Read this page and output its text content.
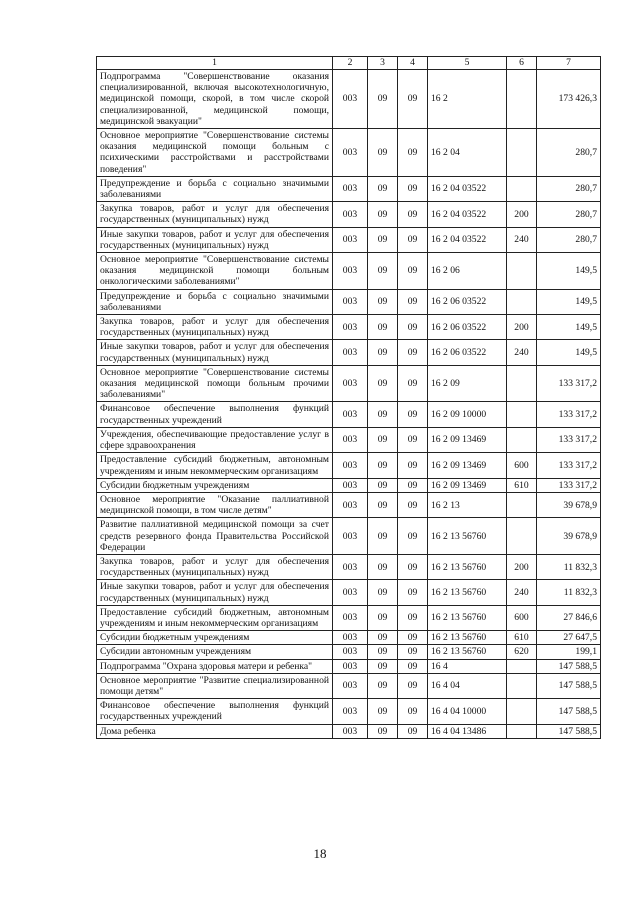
1	2	3	4	5	6	7
Подпрограмма "Совершенствование оказания специализированной, включая высокотехнологичную, медицинской помощи, скорой, в том числе скорой специализированной, медицинской помощи, медицинской эвакуации"	003	09	09	16 2		173 426,3
Основное мероприятие "Совершенствование системы оказания медицинской помощи больным с психическими расстройствами и расстройствами поведения"	003	09	09	16 2 04		280,7
Предупреждение и борьба с социально значимыми заболеваниями	003	09	09	16 2 04 03522		280,7
Закупка товаров, работ и услуг для обеспечения государственных (муниципальных) нужд	003	09	09	16 2 04 03522	200	280,7
Иные закупки товаров, работ и услуг для обеспечения государственных (муниципальных) нужд	003	09	09	16 2 04 03522	240	280,7
Основное мероприятие "Совершенствование системы оказания медицинской помощи больным онкологическими заболеваниями"	003	09	09	16 2 06		149,5
Предупреждение и борьба с социально значимыми заболеваниями	003	09	09	16 2 06 03522		149,5
Закупка товаров, работ и услуг для обеспечения государственных (муниципальных) нужд	003	09	09	16 2 06 03522	200	149,5
Иные закупки товаров, работ и услуг для обеспечения государственных (муниципальных) нужд	003	09	09	16 2 06 03522	240	149,5
Основное мероприятие "Совершенствование системы оказания медицинской помощи больным прочими заболеваниями"	003	09	09	16 2 09		133 317,2
Финансовое обеспечение выполнения функций государственных учреждений	003	09	09	16 2 09 10000		133 317,2
Учреждения, обеспечивающие предоставление услуг в сфере здравоохранения	003	09	09	16 2 09 13469		133 317,2
Предоставление субсидий бюджетным, автономным учреждениям и иным некоммерческим организациям	003	09	09	16 2 09 13469	600	133 317,2
Субсидии бюджетным учреждениям	003	09	09	16 2 09 13469	610	133 317,2
Основное мероприятие "Оказание паллиативной медицинской помощи, в том числе детям"	003	09	09	16 2 13		39 678,9
Развитие паллиативной медицинской помощи за счет средств резервного фонда Правительства Российской Федерации	003	09	09	16 2 13 56760		39 678,9
Закупка товаров, работ и услуг для обеспечения государственных (муниципальных) нужд	003	09	09	16 2 13 56760	200	11 832,3
Иные закупки товаров, работ и услуг для обеспечения государственных (муниципальных) нужд	003	09	09	16 2 13 56760	240	11 832,3
Предоставление субсидий бюджетным, автономным учреждениям и иным некоммерческим организациям	003	09	09	16 2 13 56760	600	27 846,6
Субсидии бюджетным учреждениям	003	09	09	16 2 13 56760	610	27 647,5
Субсидии автономным учреждениям	003	09	09	16 2 13 56760	620	199,1
Подпрограмма "Охрана здоровья матери и ребенка"	003	09	09	16 4		147 588,5
Основное мероприятие "Развитие специализированной помощи детям"	003	09	09	16 4 04		147 588,5
Финансовое обеспечение выполнения функций государственных учреждений	003	09	09	16 4 04 10000		147 588,5
Дома ребенка	003	09	09	16 4 04 13486		147 588,5
18
